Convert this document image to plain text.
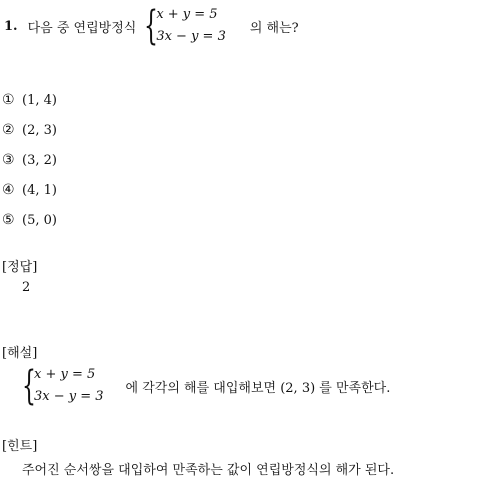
1. 다음 중 연립방정식 {
x + y = 5
3x − y = 3
의 해는?
① (1, 4)
② (2, 3)
③ (3, 2)
④ (4, 1)
⑤ (5, 0)
[정답]
2
[해설]
{
x + y = 5
3x − y = 3
에 각각의 해를 대입해보면 (2, 3) 를 만족한다.
[힌트]
주어진 순서쌍을 대입하여 만족하는 값이 연립방정식의 해가 된다.
